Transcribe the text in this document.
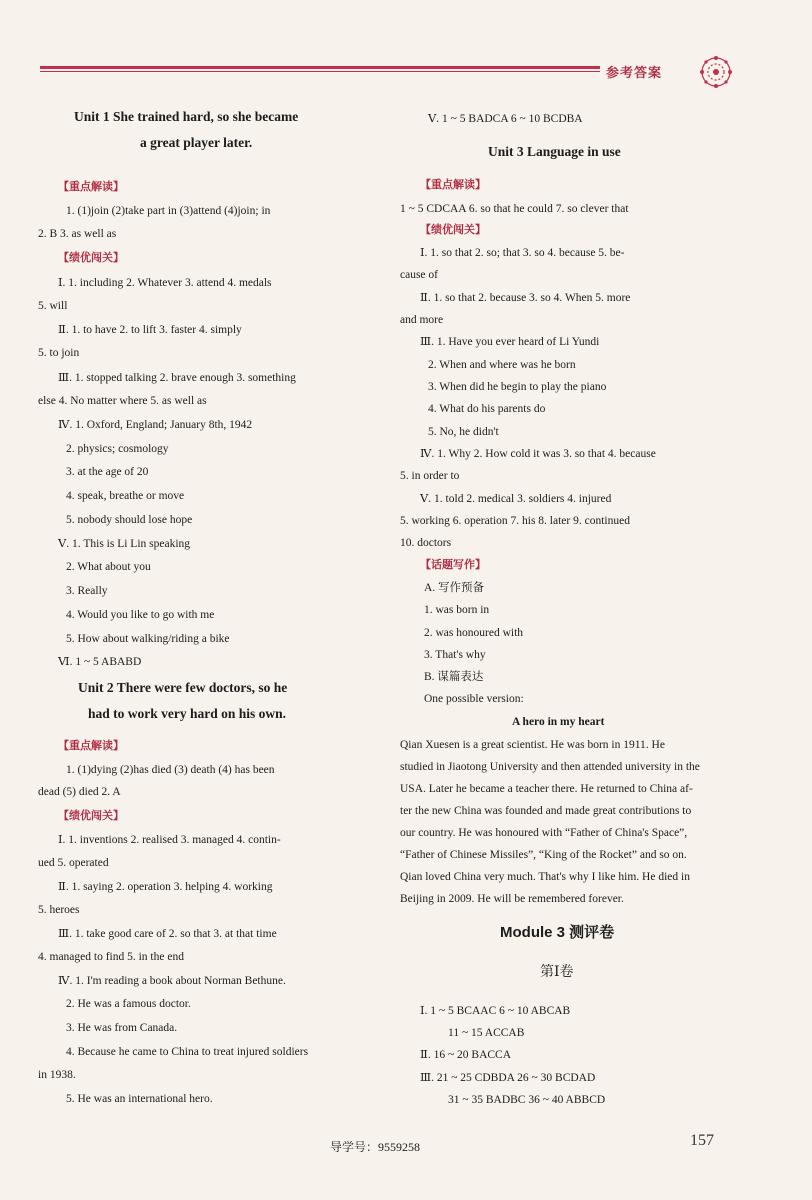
参考答案
Unit 1 She trained hard, so she became
a great player later.
【重点解读】
1. (1)join (2)take part in (3)attend (4)join; in
2. B 3. as well as
【绩优闯关】
Ⅰ. 1. including 2. Whatever 3. attend 4. medals
5. will
Ⅱ. 1. to have 2. to lift 3. faster 4. simply
5. to join
Ⅲ. 1. stopped talking 2. brave enough 3. something
else 4. No matter where 5. as well as
Ⅳ. 1. Oxford, England; January 8th, 1942
2. physics; cosmology
3. at the age of 20
4. speak, breathe or move
5. nobody should lose hope
Ⅴ. 1. This is Li Lin speaking
2. What about you
3. Really
4. Would you like to go with me
5. How about walking/riding a bike
Ⅵ. 1 ~ 5 ABABD
Unit 2 There were few doctors, so he
had to work very hard on his own.
【重点解读】
1. (1)dying (2)has died (3) death (4) has been
dead (5) died 2. A
【绩优闯关】
Ⅰ. 1. inventions 2. realised 3. managed 4. contin-
ued 5. operated
Ⅱ. 1. saying 2. operation 3. helping 4. working
5. heroes
Ⅲ. 1. take good care of 2. so that 3. at that time
4. managed to find 5. in the end
Ⅳ. 1. I'm reading a book about Norman Bethune.
2. He was a famous doctor.
3. He was from Canada.
4. Because he came to China to treat injured soldiers
in 1938.
5. He was an international hero.
Ⅴ. 1 ~ 5 BADCA 6 ~ 10 BCDBA
Unit 3 Language in use
【重点解读】
1 ~ 5 CDCAA 6. so that he could 7. so clever that
【绩优闯关】
Ⅰ. 1. so that 2. so; that 3. so 4. because 5. be-
cause of
Ⅱ. 1. so that 2. because 3. so 4. When 5. more
and more
Ⅲ. 1. Have you ever heard of Li Yundi
2. When and where was he born
3. When did he begin to play the piano
4. What do his parents do
5. No, he didn't
Ⅳ. 1. Why 2. How cold it was 3. so that 4. because
5. in order to
Ⅴ. 1. told 2. medical 3. soldiers 4. injured
5. working 6. operation 7. his 8. later 9. continued
10. doctors
【话题写作】
A. 写作预备
1. was born in
2. was honoured with
3. That's why
B. 谋篇表达
One possible version:
A hero in my heart
Qian Xuesen is a great scientist. He was born in 1911. He
studied in Jiaotong University and then attended university in the
USA. Later he became a teacher there. He returned to China af-
ter the new China was founded and made great contributions to
our country. He was honoured with “Father of China's Space”,
“Father of Chinese Missiles”, “King of the Rocket” and so on.
Qian loved China very much. That's why I like him. He died in
Beijing in 2009. He will be remembered forever.
Module 3 测评卷
第Ⅰ卷
Ⅰ. 1 ~ 5 BCAAC 6 ~ 10 ABCAB
11 ~ 15 ACCAB
Ⅱ. 16 ~ 20 BACCA
Ⅲ. 21 ~ 25 CDBDA 26 ~ 30 BCDAD
31 ~ 35 BADBC 36 ~ 40 ABBCD
导学号：9559258	157
